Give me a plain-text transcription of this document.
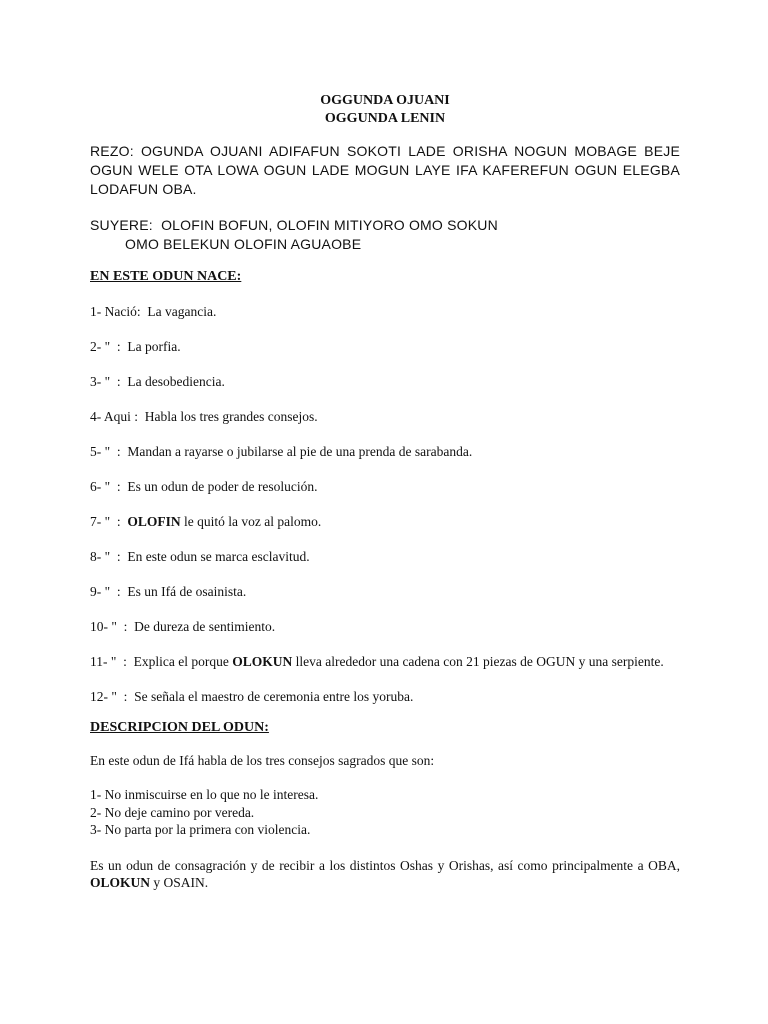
OGGUNDA OJUANI
OGGUNDA LENIN
REZO: OGUNDA OJUANI ADIFAFUN SOKOTI LADE ORISHA NOGUN MOBAGE BEJE OGUN WELE OTA LOWA OGUN LADE MOGUN LAYE IFA KAFEREFUN OGUN ELEGBA LODAFUN OBA.
SUYERE: OLOFIN BOFUN, OLOFIN MITIYORO OMO SOKUN
OMO BELEKUN OLOFIN AGUAOBE
EN ESTE ODUN NACE:
1- Nació: La vagancia.
2- "  : La porfia.
3- "  : La desobediencia.
4- Aqui : Habla los tres grandes consejos.
5- "  : Mandan a rayarse o jubilarse al pie de una prenda de sarabanda.
6- "  : Es un odun de poder de resolución.
7- "  : OLOFIN le quitó la voz al palomo.
8- "  : En este odun se marca esclavitud.
9- "  : Es un Ifá de osainista.
10- "  : De dureza de sentimiento.
11- "  : Explica el porque OLOKUN lleva alrededor una cadena con 21 piezas de OGUN y una serpiente.
12- "  : Se señala el maestro de ceremonia entre los yoruba.
DESCRIPCION DEL ODUN:
En este odun de Ifá habla de los tres consejos sagrados que son:
1- No inmiscuirse en lo que no le interesa.
2- No deje camino por vereda.
3- No parta por la primera con violencia.
Es un odun de consagración y de recibir a los distintos Oshas y Orishas, así como principalmente a OBA, OLOKUN y OSAIN.
